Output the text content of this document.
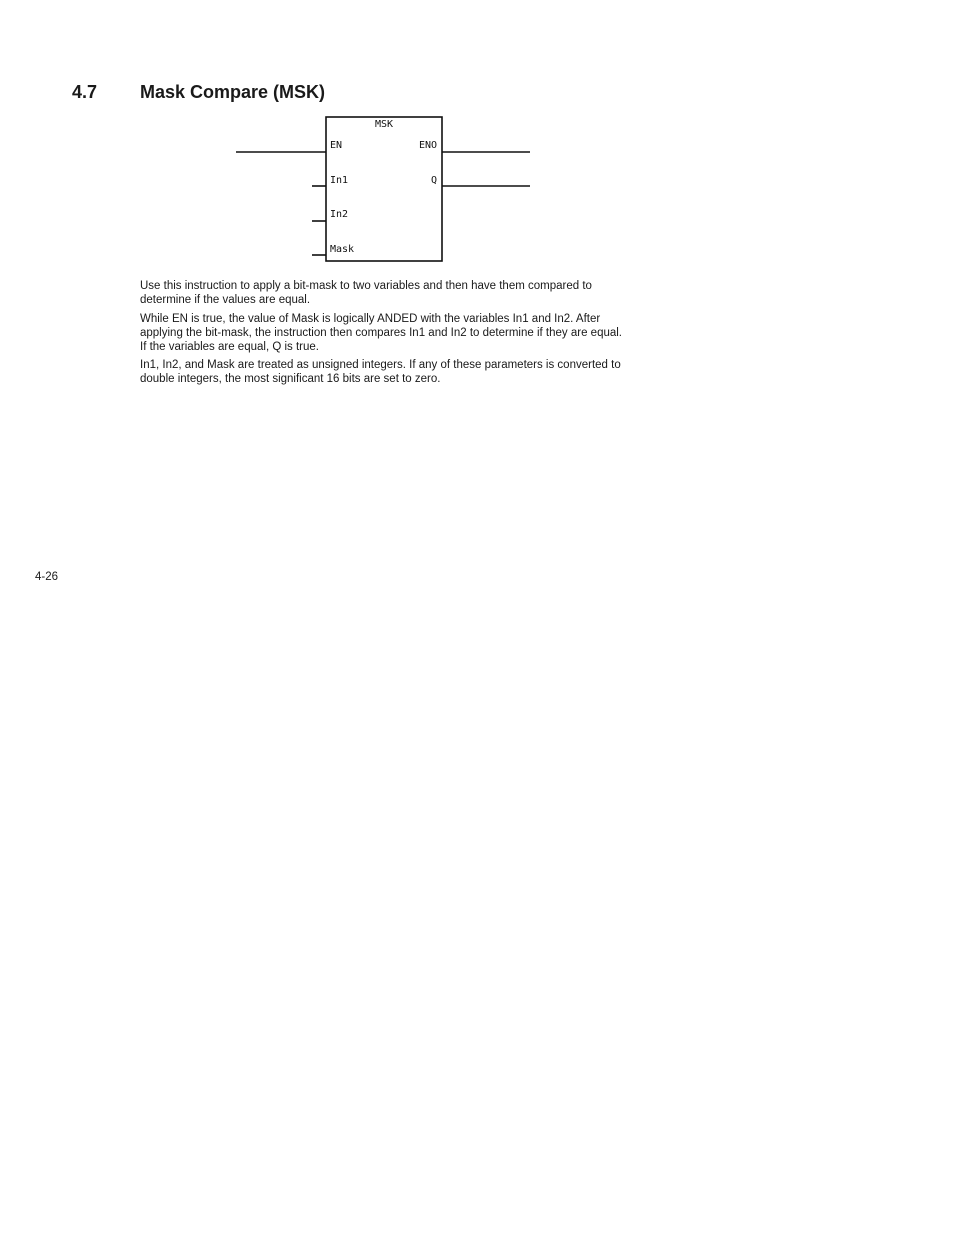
4.7 Mask Compare (MSK)
MSK
EN
In1
In2
Mask
ENO
Q

Use this instruction to apply a bit-mask to two variables and then have them compared to determine if the values are equal.

While EN is true, the value of Mask is logically ANDED with the variables In1 and In2. After applying the bit-mask, the instruction then compares In1 and In2 to determine if they are equal. If the variables are equal, Q is true.

In1, In2, and Mask are treated as unsigned integers. If any of these parameters is converted to double integers, the most significant 16 bits are set to zero.

4-26
